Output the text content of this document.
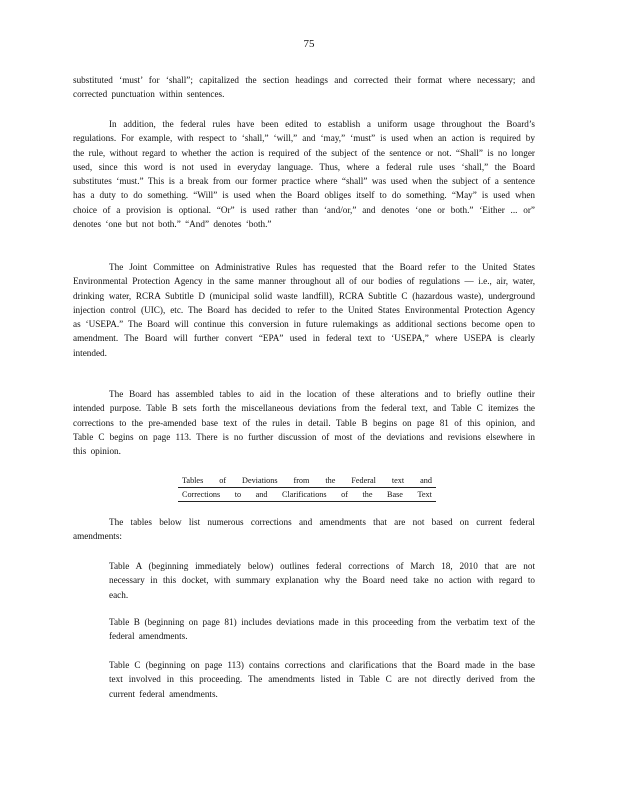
75

substituted ‘must’ for ‘shall”; capitalized the section headings and corrected their format where necessary; and corrected punctuation within sentences.

In addition, the federal rules have been edited to establish a uniform usage throughout the Board’s regulations. For example, with respect to ‘shall,” ‘will,” and ‘may,” ‘must” is used when an action is required by the rule, without regard to whether the action is required of the subject of the sentence or not. “Shall” is no longer used, since this word is not used in everyday language. Thus, where a federal rule uses ‘shall,” the Board substitutes ‘must.” This is a break from our former practice where “shall” was used when the subject of a sentence has a duty to do something. “Will” is used when the Board obliges itself to do something. “May” is used when choice of a provision is optional. “Or” is used rather than ‘and/or,” and denotes ‘one or both.” ‘Either ... or” denotes ‘one but not both.” “And” denotes ‘both.”

The Joint Committee on Administrative Rules has requested that the Board refer to the United States Environmental Protection Agency in the same manner throughout all of our bodies of regulations — i.e., air, water, drinking water, RCRA Subtitle D (municipal solid waste landfill), RCRA Subtitle C (hazardous waste), underground injection control (UIC), etc. The Board has decided to refer to the United States Environmental Protection Agency as ‘USEPA.” The Board will continue this conversion in future rulemakings as additional sections become open to amendment. The Board will further convert “EPA” used in federal text to ‘USEPA,” where USEPA is clearly intended.

The Board has assembled tables to aid in the location of these alterations and to briefly outline their intended purpose. Table B sets forth the miscellaneous deviations from the federal text, and Table C itemizes the corrections to the pre-amended base text of the rules in detail. Table B begins on page 81 of this opinion, and Table C begins on page 113. There is no further discussion of most of the deviations and revisions elsewhere in this opinion.

Tables of Deviations from the Federal text and
Corrections to and Clarifications of the Base Text

The tables below list numerous corrections and amendments that are not based on current federal amendments:

Table A (beginning immediately below) outlines federal corrections of March 18, 2010 that are not necessary in this docket, with summary explanation why the Board need take no action with regard to each.

Table B (beginning on page 81) includes deviations made in this proceeding from the verbatim text of the federal amendments.

Table C (beginning on page 113) contains corrections and clarifications that the Board made in the base text involved in this proceeding. The amendments listed in Table C are not directly derived from the current federal amendments.
